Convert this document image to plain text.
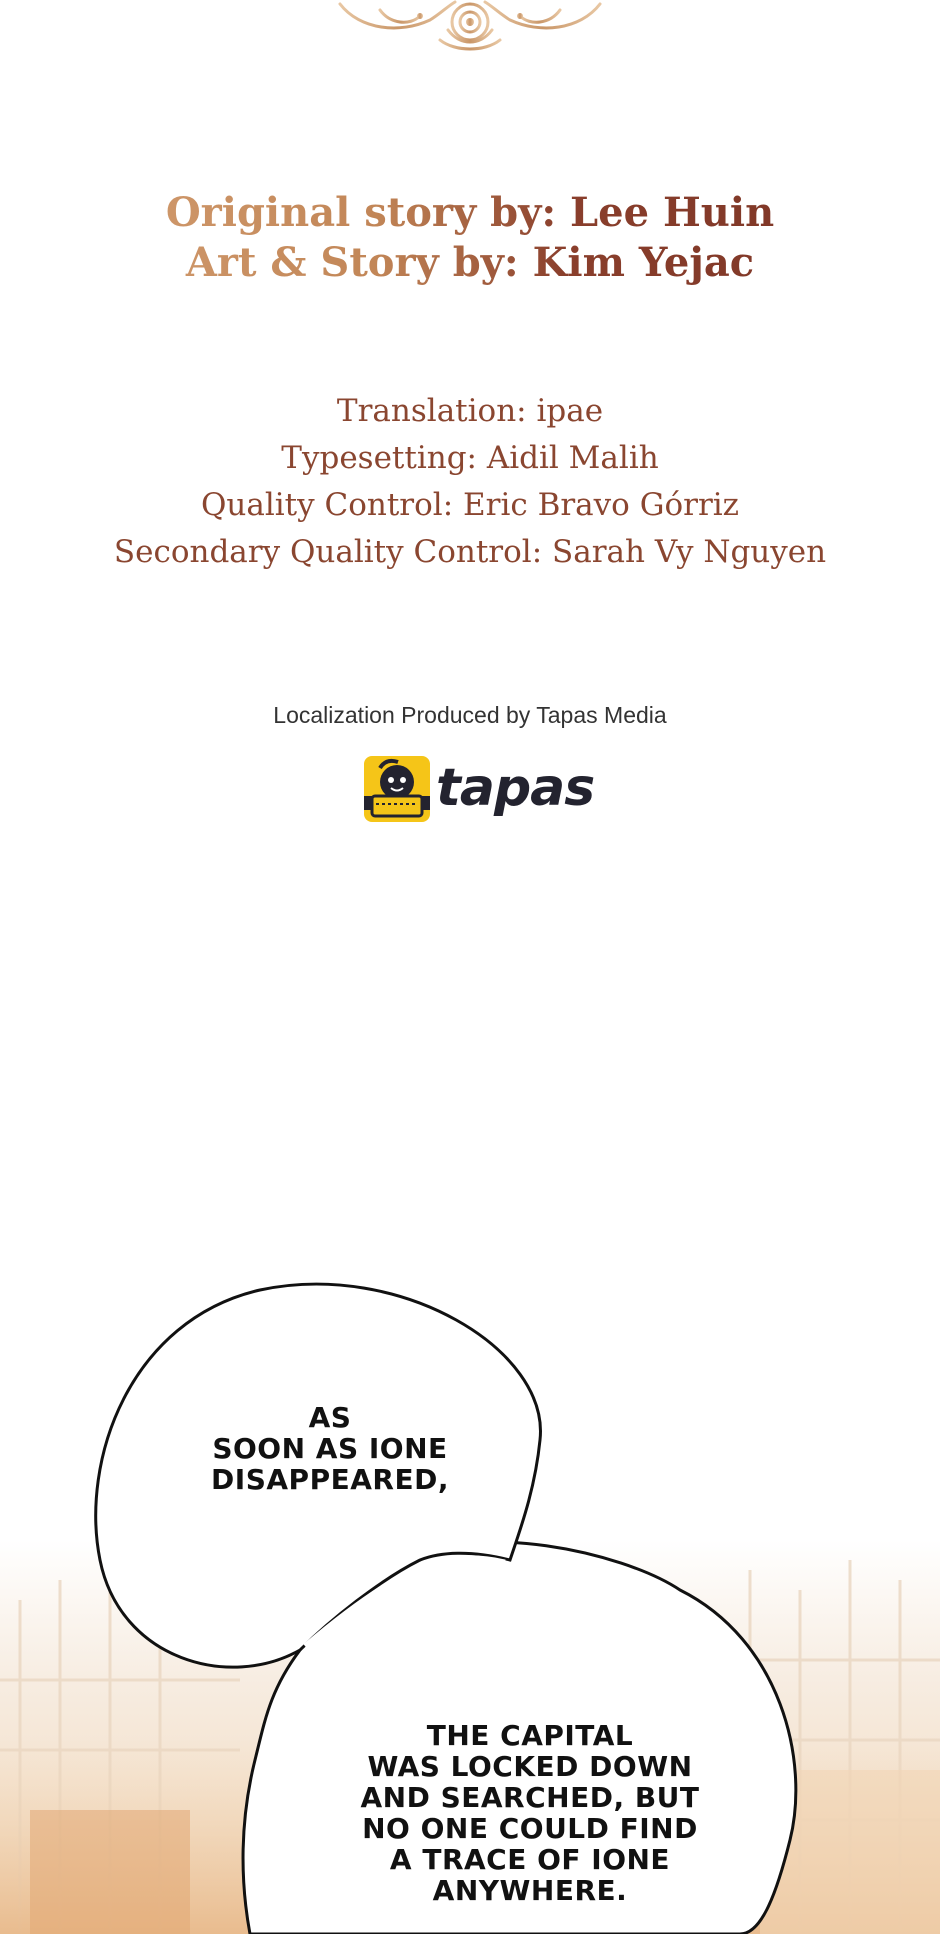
Original story by: Lee Huin
Art & Story by: Kim Yejac
Translation: ipae
Typesetting: Aidil Malih
Quality Control: Eric Bravo Górriz
Secondary Quality Control: Sarah Vy Nguyen
Localization Produced by Tapas Media
tapas
AS
SOON AS IONE
DISAPPEARED,
THE CAPITAL
WAS LOCKED DOWN
AND SEARCHED, BUT
NO ONE COULD FIND
A TRACE OF IONE
ANYWHERE.
